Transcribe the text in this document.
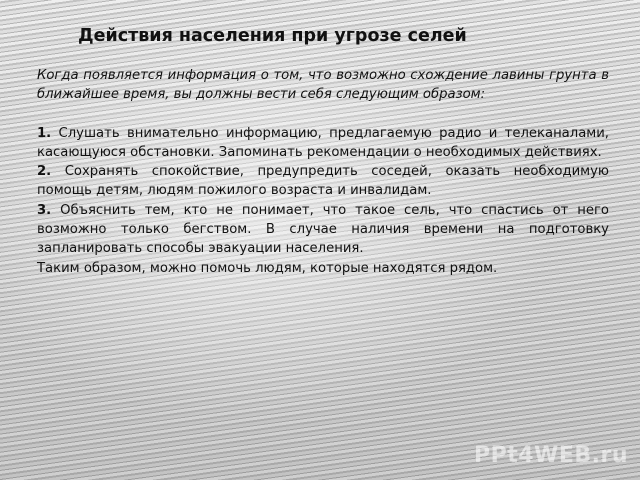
Действия населения при угрозе селей

Когда появляется информация о том, что возможно схождение лавины грунта в ближайшее время, вы должны вести себя следующим образом:

1. Слушать внимательно информацию, предлагаемую радио и телеканалами, касающуюся обстановки. Запоминать рекомендации о необходимых действиях.

2. Сохранять спокойствие, предупредить соседей, оказать необходимую помощь детям, людям пожилого возраста и инвалидам.

3. Объяснить тем, кто не понимает, что такое сель, что спастись от него возможно только бегством. В случае наличия времени на подготовку запланировать способы эвакуации населения.

Таким образом, можно помочь людям, которые находятся рядом.

PPt4WEB.ru
